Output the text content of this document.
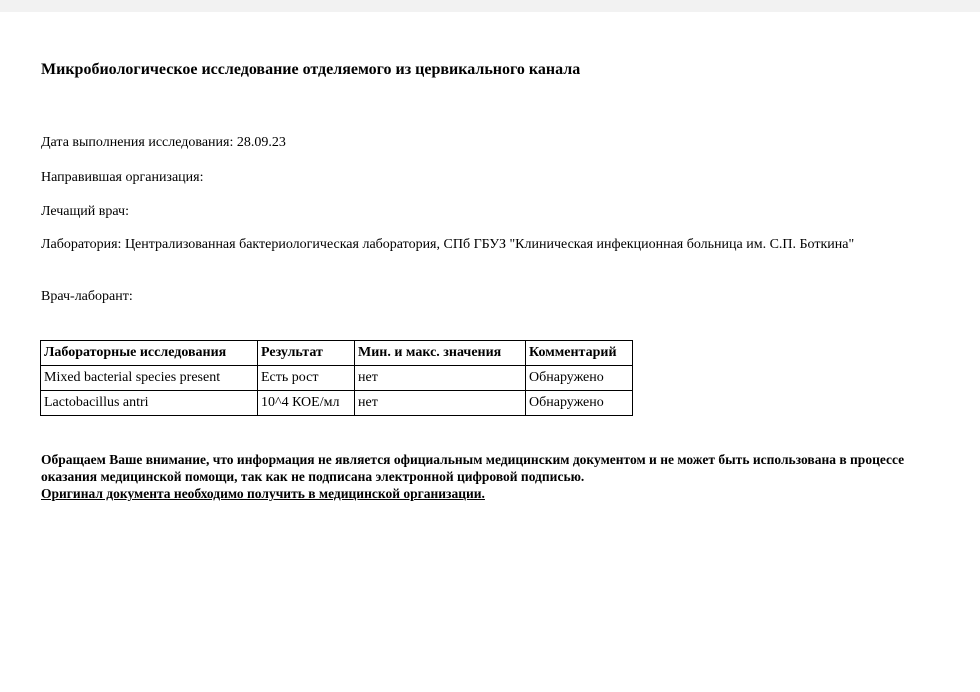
Микробиологическое исследование отделяемого из цервикального канала
Дата выполнения исследования: 28.09.23
Направившая организация:
Лечащий врач:
Лаборатория: Централизованная бактериологическая лаборатория, СПб ГБУЗ "Клиническая инфекционная больница им. С.П. Боткина"
Врач-лаборант:
Лабораторные исследования	Результат	Мин. и макс. значения	Комментарий
Mixed bacterial species present	Есть рост	нет	Обнаружено
Lactobacillus antri	10^4 КОЕ/мл	нет	Обнаружено
Обращаем Ваше внимание, что информация не является официальным медицинским документом и не может быть использована в процессе оказания медицинской помощи, так как не подписана электронной цифровой подписью.
Оригинал документа необходимо получить в медицинской организации.
